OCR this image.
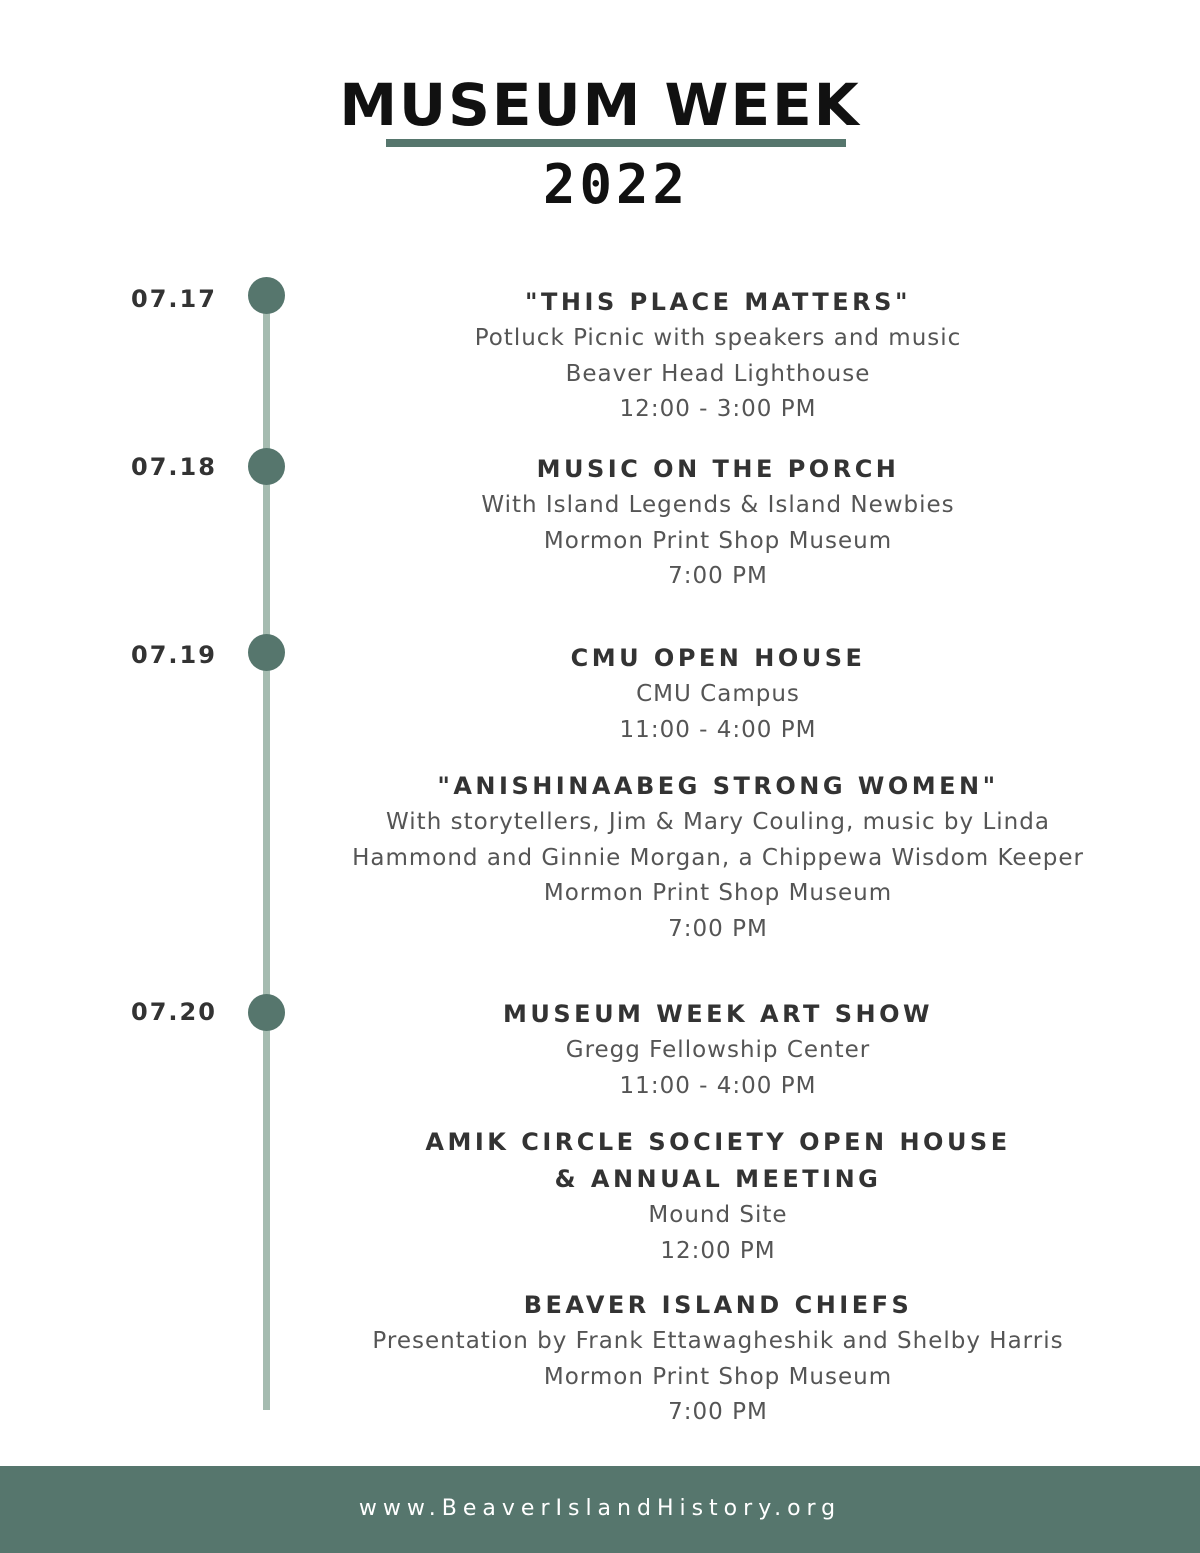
MUSEUM WEEK
2022
07.17	"THIS PLACE MATTERS"
Potluck Picnic with speakers and music
Beaver Head Lighthouse
12:00 - 3:00 PM
07.18	MUSIC ON THE PORCH
With Island Legends & Island Newbies
Mormon Print Shop Museum
7:00 PM
07.19	CMU OPEN HOUSE
CMU Campus
11:00 - 4:00 PM
"ANISHINAABEG STRONG WOMEN"
With storytellers, Jim & Mary Couling, music by Linda
Hammond and Ginnie Morgan, a Chippewa Wisdom Keeper
Mormon Print Shop Museum
7:00 PM
07.20	MUSEUM WEEK ART SHOW
Gregg Fellowship Center
11:00 - 4:00 PM
AMIK CIRCLE SOCIETY OPEN HOUSE
& ANNUAL MEETING
Mound Site
12:00 PM
BEAVER ISLAND CHIEFS
Presentation by Frank Ettawagheshik and Shelby Harris
Mormon Print Shop Museum
7:00 PM
www.BeaverIslandHistory.org
